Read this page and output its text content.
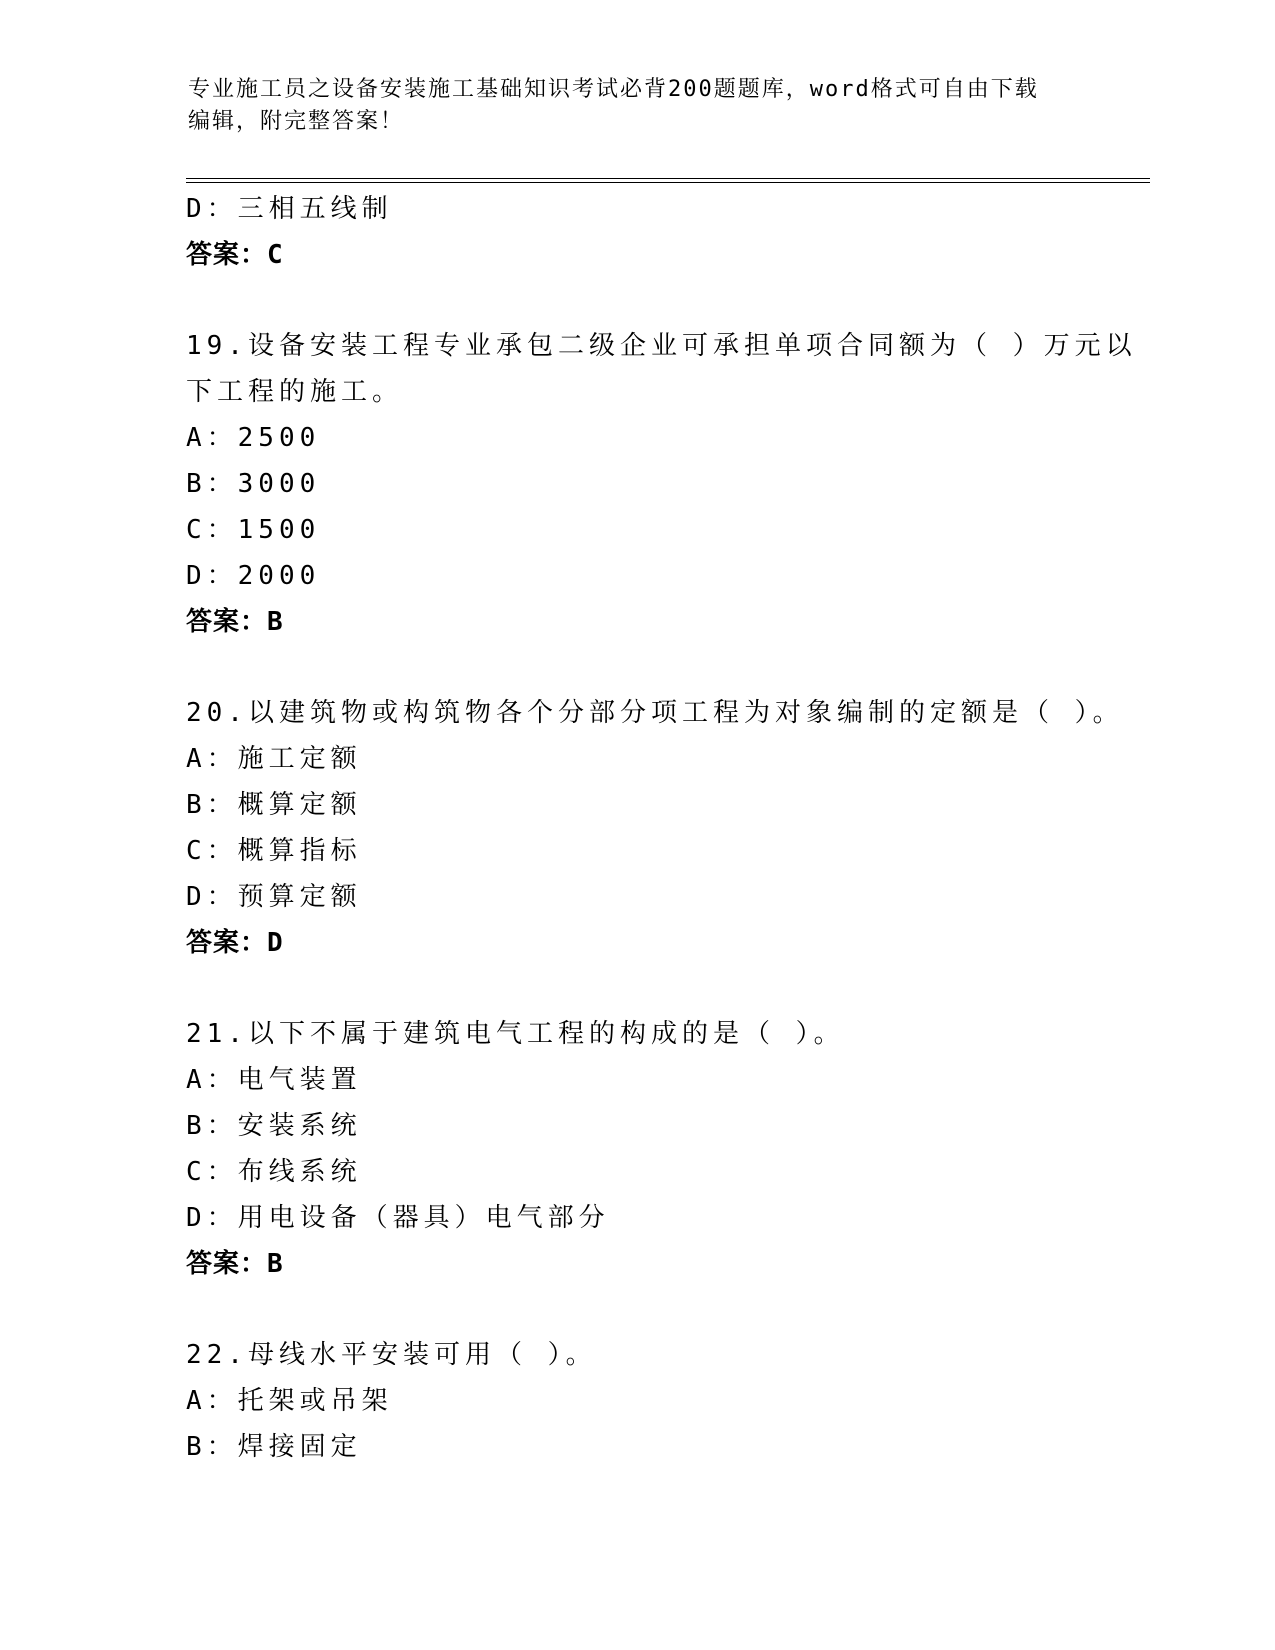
专业施工员之设备安装施工基础知识考试必背200题题库，word格式可自由下载
编辑，附完整答案！
D：三相五线制
答案：C
19.设备安装工程专业承包二级企业可承担单项合同额为（ ）万元以
下工程的施工。
A：2500
B：3000
C：1500
D：2000
答案：B
20.以建筑物或构筑物各个分部分项工程为对象编制的定额是（ ）。
A：施工定额
B：概算定额
C：概算指标
D：预算定额
答案：D
21.以下不属于建筑电气工程的构成的是（ ）。
A：电气装置
B：安装系统
C：布线系统
D：用电设备（器具）电气部分
答案：B
22.母线水平安装可用（ ）。
A：托架或吊架
B：焊接固定
